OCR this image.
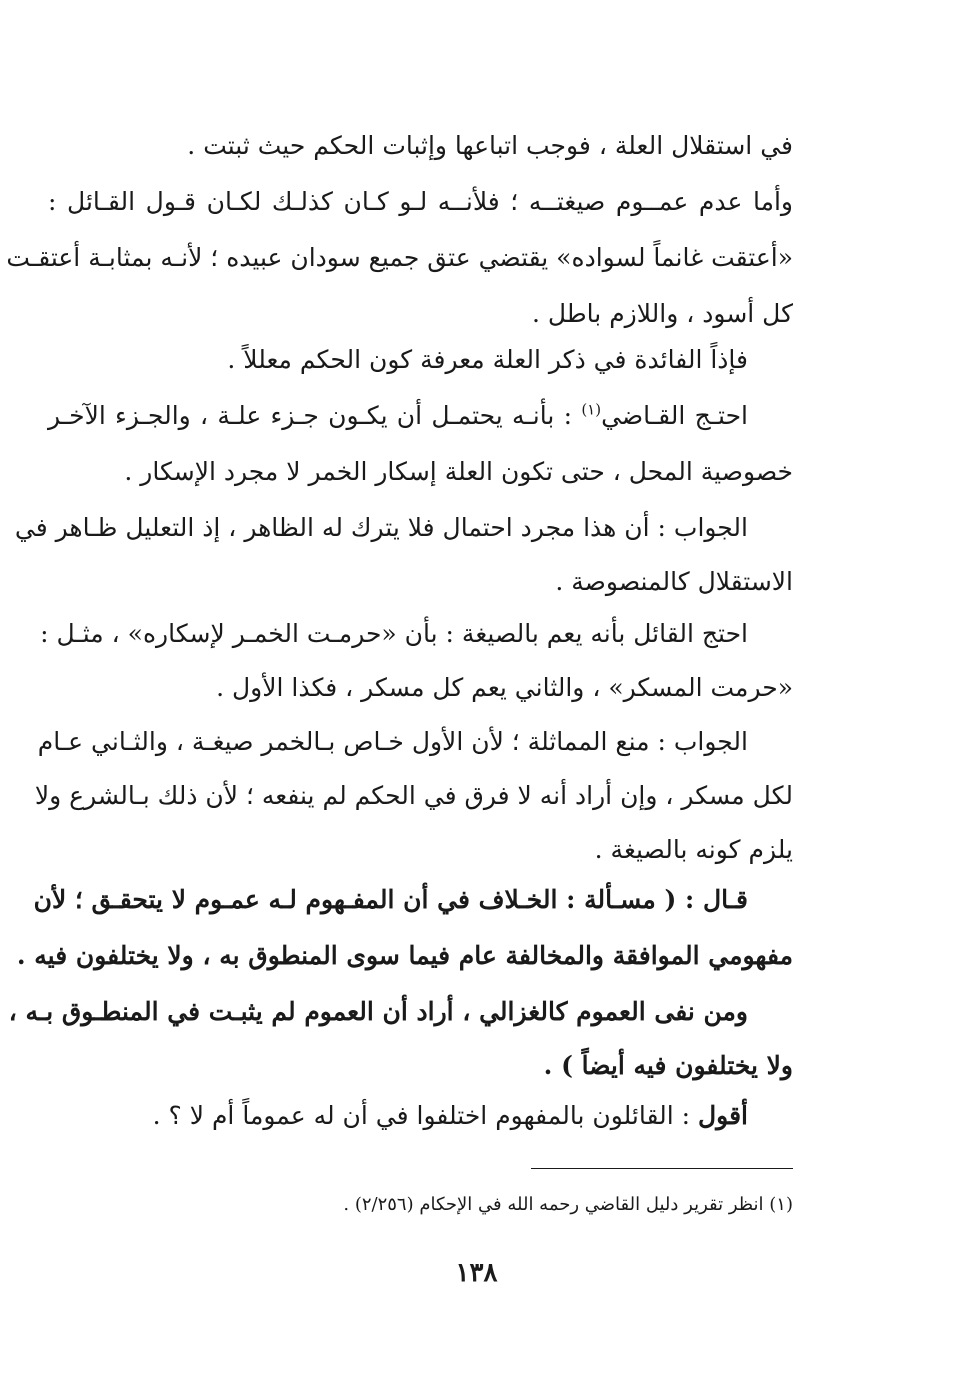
في استقلال العلة ، فوجب اتباعها وإثبات الحكم حيث ثبتت .
وأما عدم عمــوم صيغتــه ؛ فلأنــه لـو كـان كذلـك لكـان قـول القـائل :
«أعتقت غانماً لسواده» يقتضي عتق جميع سودان عبيده ؛ لأنـه بمثابـة أعتقـت
كل أسود ، واللازم باطل .
فإذاً الفائدة في ذكر العلة معرفة كون الحكم معللاً .
احتـج القـاضي$^{(١)}$ : بأنـه يحتمـل أن يكـون جـزء علـة ، والجـزء الآخـر
خصوصية المحل ، حتى تكون العلة إسكار الخمر لا مجرد الإسكار .
الجواب : أن هذا مجرد احتمال فلا يترك له الظاهر ، إذ التعليل ظـاهر في
الاستقلال كالمنصوصة .
احتج القائل بأنه يعم بالصيغة : بأن «حرمـت الخمـر لإسكاره» ، مثـل :
«حرمت المسكر» ، والثاني يعم كل مسكر ، فكذا الأول .
الجواب : منع المماثلة ؛ لأن الأول خـاص بـالخمر صيغـة ، والثـاني عـام
لكل مسكر ، وإن أراد أنه لا فرق في الحكم لم ينفعه ؛ لأن ذلك بـالشرع ولا
يلزم كونه بالصيغة .
قـال : ( مسـألة : الخـلاف في أن المفـهوم لـه عمـوم لا يتحقـق ؛ لأن
مفهومي الموافقة والمخالفة عام فيما سوى المنطوق به ، ولا يختلفون فيه .
ومن نفى العموم كالغزالي ، أراد أن العموم لم يثبـت في المنطـوق بـه ،
ولا يختلفون فيه أيضاً ) .
أقول : القائلون بالمفهوم اختلفوا في أن له عموماً أم لا ؟ .
(١) انظر تقرير دليل القاضي رحمه الله في الإحكام (٢/٢٥٦) .
١٣٨
